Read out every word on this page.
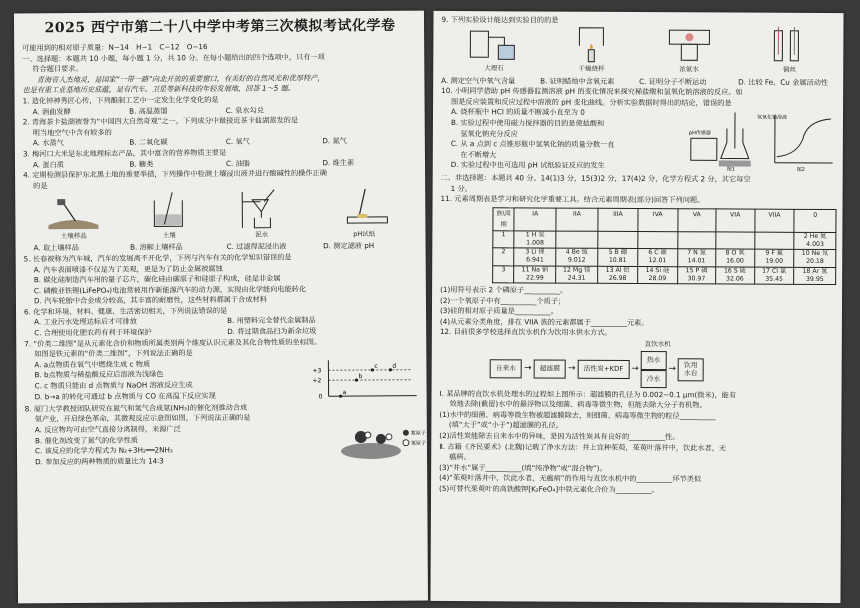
2025 西宁市第二十八中学中考第三次模拟考试化学卷
可能用到的相对原子质量：N−14　H−1　C−12　O−16
一、选择题：本题共 10 小题，每小题 1 分，共 10 分。在每小题给出的四个选项中，只有一项
符合题目要求。
　　青海省人杰地灵，是国家“一带一路”向北开放的重要窗口，有美好的自然风光和优厚特产，
也是有重工业基地历史底蕴，是有汽车、卫星等新科技的年轻发展地，回答 1～5 题。
1. 造化钟神秀匠心传，下列酿制工艺中一定发生化学变化的是
A. 酒曲发酵	B. 高温蒸馏	C. 泉水勾兑
2. 青海茶卡盐湖被誉为“中国四大自然奇观”之一，下列成分中最接近茶卡盐湖蒸发的是
明当地空气中含有较多的
A. 水蒸气	B. 二氧化碳	C. 氧气	D. 氮气
3. 梅河口大米是东北地理标志产品，其中富含的营养物质主要是
A. 蛋白质	B. 糖类	C. 油脂	D. 维生素
4. 定期检测县保护东北黑土地的重要举措，下列操作中检测土壤浸出液并进行酸碱性的操作正确
的是
土壤样品	土壤	泥水	pH试纸
A. 取土壤样品	B. 溶解土壤样品	C. 过滤得泥浸出液	D. 测定滤液 pH
5. 长春被称为汽车城，汽车的发展离不开化学，下列与汽车有关的化学知识错误的是
A. 汽车表面喷漆不仅是为了美观，更是为了防止金属被腐蚀
B. 碳化硅制造汽车用的量子芯片，碳化硅由碳原子和硅原子构成，硅是非金属
C. 磷酸亚铁锂(LiFePO₄)电池常被用作新能源汽车的动力源，实现由化学能向电能转化
D. 汽车轮胎中合金成分较高，其丰富的耐磨性，这些材料都属于合成材料
6. 化学和环境、材料、健康、生活密切相关，下列说法错误的是
A. 工业污水处理达标后才可排放	B. 用塑料完全替代金属制品
C. 合理使用化肥农药有利于环境保护	D. 将过期食品扫为新余垃圾
7. “价类二维图”是从元素化合价和物质所属类别两个维度认识元素及其化合物性质的坐标图。
如图是铁元素的“价类二维图”，下列说法正确的是
A. a点物质在氧气中燃烧生成 c 物质
B. b点物质与稀盐酸反应后溶液为浅绿色
C. c 物质只能由 d 点物质与 NaOH 溶液反应生成
D. b→a 的转化可通过 b 点物质与 CO 在高温下反应实现
+3
+2
0
a
b
c d
8. 厦门大学教授团队研究在氮气和氢气合成氨(NH₃)的催化剂推动合成
氨产业，开启绿色革命，其微观反应示意图如图，下列说法正确的是
A. 反应物均可由空气直接分离制得，来源广泛
B. 催化剂改变了氮气的化学性质
C. 该反应的化学方程式为 N₂+3H₂══2NH₃
D. 参加反应的两种物质的质量比为 14∶3
氮原子
氢原子
9. 下列实验设计能达到实验目的的是
大理石	干燥烧杯	浓氨水	铜丝
A. 测定空气中氧气含量	B. 证明蜡烛中含氧元素	C. 证明分子不断运动	D. 比较 Fe、Cu 金属活动性
10. 小明同学借助 pH 传感器监测溶液 pH 的变化情况来探究稀盐酸和氢氧化钠溶液的反应。如
图是反应装置和反应过程中溶液的 pH 变化曲线。分析实验数据时得出的结论，错误的是
A. 烧杯瓶中 HCl 的质量不断减小直至为 0
B. 实验过程中使用磁力搅拌器的目的是使盐酸和
　 氢氧化钠充分反应
C. 从 a 点到 c 点锥形瓶中氢氧化钠的质量分数一直
　 在不断增大
D. 实验过程中也可选用 pH 试纸验证反应的发生
氢氧化钠溶液
pH传感器
图1	图2
二、非选择题：本题共 40 分。14(1)3 分，15(3)2 分，17(4)2 分，化学方程式 2 分，其它每空
1 分。
11. 元素周期表是学习和研究化学重要工具。结合元素周期表(部分)回答下列问题。
族\周期	IA	IIA	IIIA	IVA	VA	VIA	VIIA	0
1	1 H 氢 1.008							2 He 氦 4.003
2	3 Li 锂 6.941	4 Be 铍 9.012	5 B 硼 10.81	6 C 碳 12.01	7 N 氮 14.01	8 O 氧 16.00	9 F 氟 19.00	10 Ne 氖 20.18
3	11 Na 钠 22.99	12 Mg 镁 24.31	13 Al 铝 26.98	14 Si 硅 28.09	15 P 磷 30.97	16 S 硫 32.06	17 Cl 氯 35.45	18 Ar 氩 39.95
(1)用符号表示 2 个磷原子__________。
(2)一个氧原子中有__________个质子；
(3)硅的相对原子质量是__________。
(4)从元素分类角度，排在 VIIA 族的元素都属于__________元素。
12. 目前很多学校选择直饮水机作为饮用水供水方式。
直饮水机
自来水 →	超滤膜 →	活性炭+KDF →
热水
冷水
→	饮用水台
Ⅰ. 某品牌的直饮水机处理水的过程如上图所示：超滤膜的孔径为 0.002~0.1 μm(微米)，能有
效地去除(截留)水中的悬浮物以及细菌、病毒等微生物，但能去除大分子有机物。
(1)水中的细菌、病毒等微生物被超滤膜除去，则细菌、病毒等微生物的粒径__________
　 (填“大于”或“小于”)超滤膜的孔径。
(2)活性炭能除去自来水中的异味，是因为活性炭具有良好的__________性。
Ⅱ. 古籍《齐民要术》(北魏)记载了净水方法：井上宜种茱萸，茱萸叶落井中，饮此水者，无
瘟病。
(3)“井水”属于__________(填“纯净物”或“混合物”)。
(4)“茱萸叶落井中，饮此水者，无瘟病”的作用与直饮水机中的__________环节类似
(5)可替代茱萸叶的高铁酸钾[K₂FeO₄]中铁元素化合价为__________。
